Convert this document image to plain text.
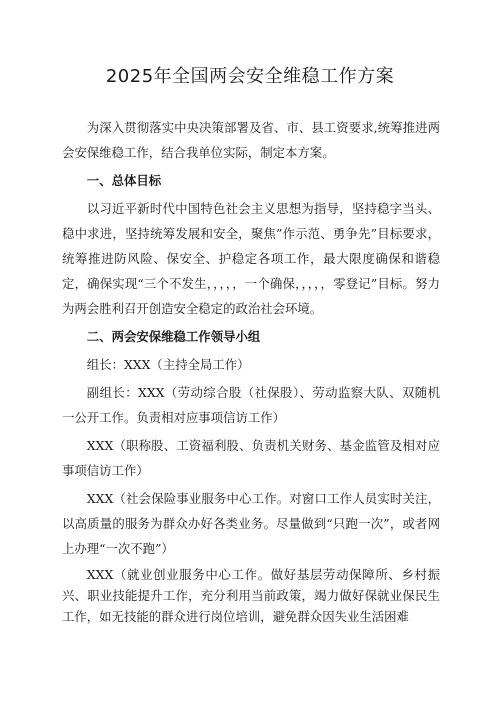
2025年全国两会安全维稳工作方案

为深入贯彻落实中央决策部署及省、市、县工资要求,统筹推进两会安保维稳工作，结合我单位实际，制定本方案。

一、总体目标

以习近平新时代中国特色社会主义思想为指导，坚持稳字当头、稳中求进，坚持统筹发展和安全，聚焦”作示范、勇争先”目标要求，统筹推进防风险、保安全、护稳定各项工作，最大限度确保和谐稳定，确保实现“三个不发生，，，，，一个确保，，，，，零登记”目标。努力为两会胜利召开创造安全稳定的政治社会环境。

二、两会安保维稳工作领导小组

组长：XXX（主持全局工作）

副组长：XXX（劳动综合股（社保股）、劳动监察大队、双随机一公开工作。负责相对应事项信访工作）

XXX（职称股、工资福利股、负责机关财务、基金监管及相对应事项信访工作）

XXX（社会保险事业服务中心工作。对窗口工作人员实时关注，以高质量的服务为群众办好各类业务。尽量做到“只跑一次”，或者网上办理“一次不跑”）

XXX（就业创业服务中心工作。做好基层劳动保障所、乡村振兴、职业技能提升工作，充分利用当前政策，竭力做好保就业保民生工作，如无技能的群众进行岗位培训，避免群众因失业生活困难
